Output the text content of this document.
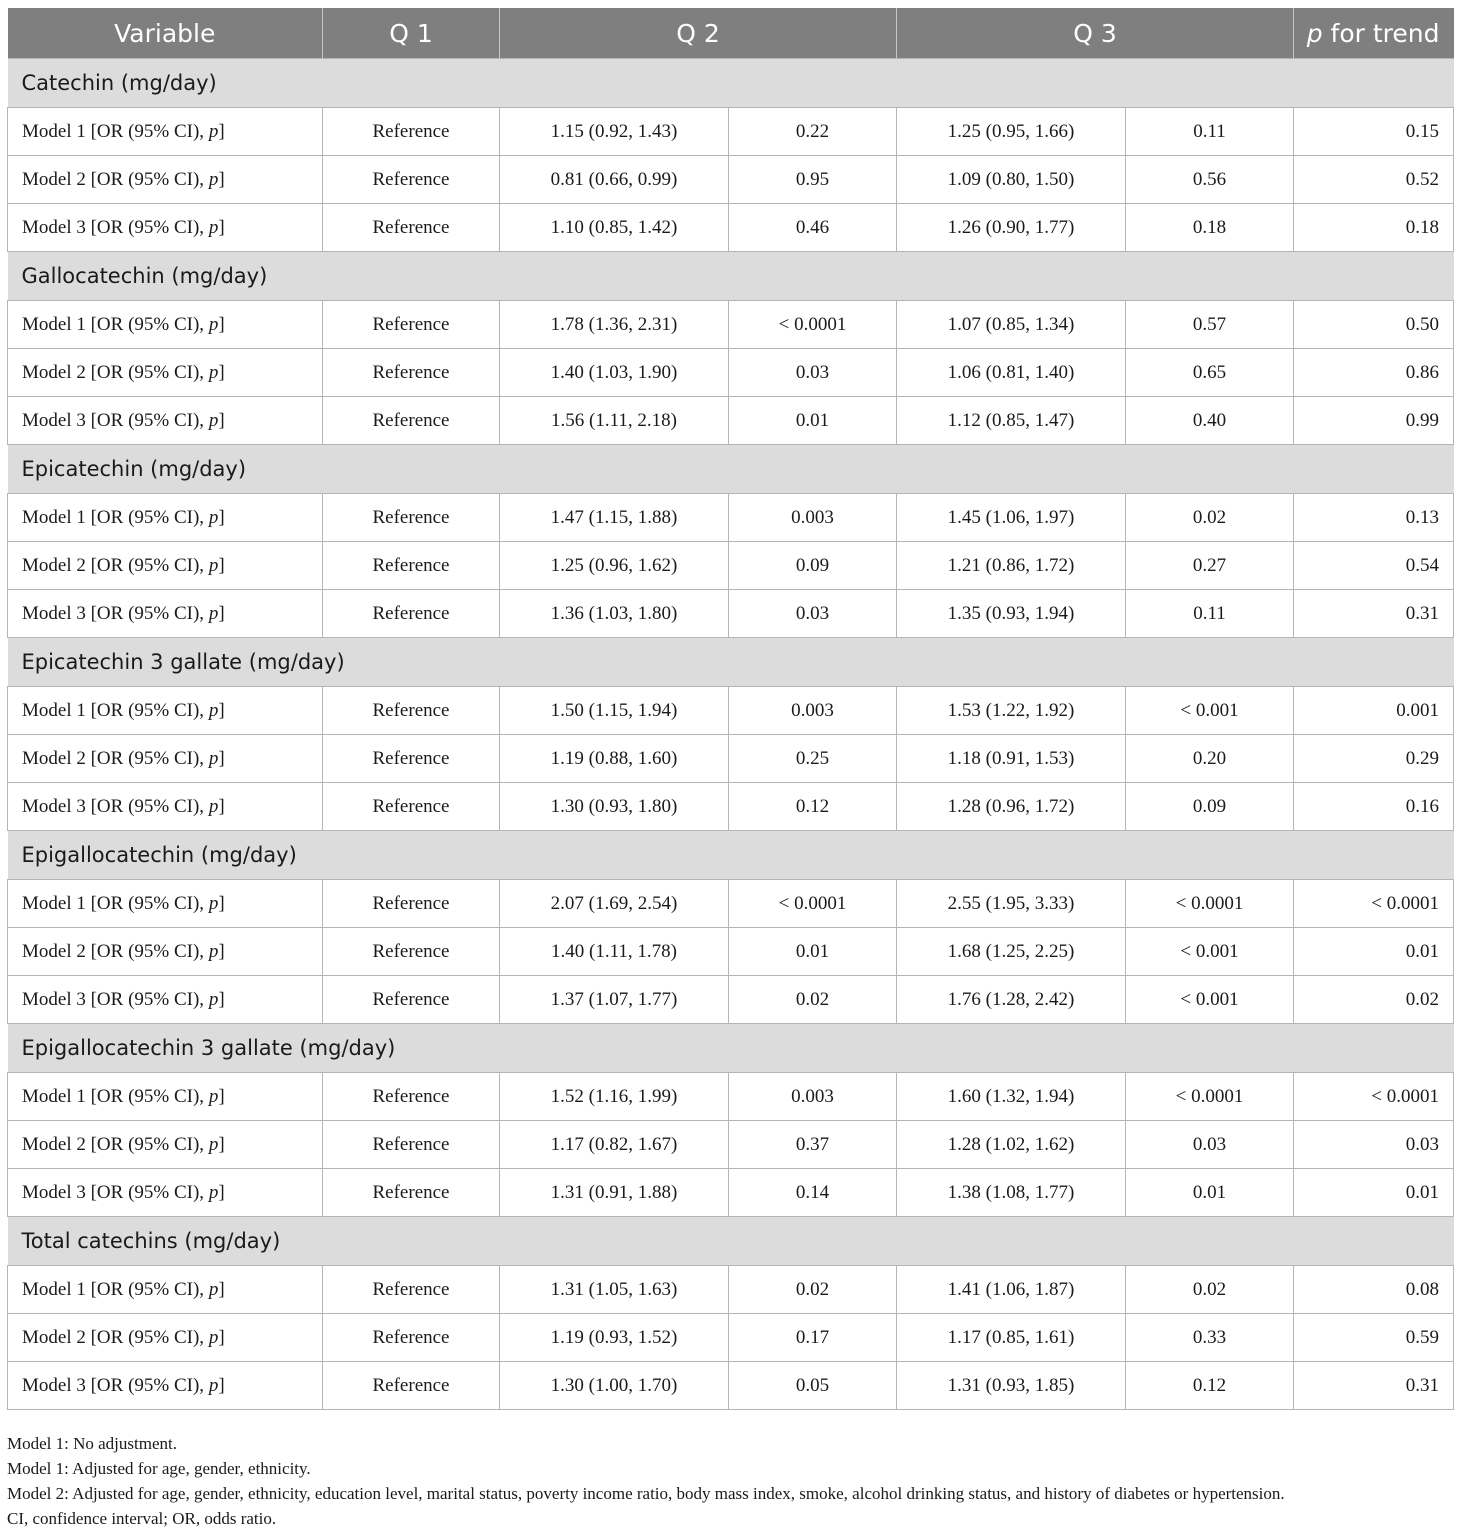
Variable	Q 1	Q 2		Q 3		p for trend
Catechin (mg/day)						
Model 1 [OR (95% CI), p]	Reference	1.15 (0.92, 1.43)	0.22	1.25 (0.95, 1.66)	0.11	0.15
Model 2 [OR (95% CI), p]	Reference	0.81 (0.66, 0.99)	0.95	1.09 (0.80, 1.50)	0.56	0.52
Model 3 [OR (95% CI), p]	Reference	1.10 (0.85, 1.42)	0.46	1.26 (0.90, 1.77)	0.18	0.18
Gallocatechin (mg/day)						
Model 1 [OR (95% CI), p]	Reference	1.78 (1.36, 2.31)	< 0.0001	1.07 (0.85, 1.34)	0.57	0.50
Model 2 [OR (95% CI), p]	Reference	1.40 (1.03, 1.90)	0.03	1.06 (0.81, 1.40)	0.65	0.86
Model 3 [OR (95% CI), p]	Reference	1.56 (1.11, 2.18)	0.01	1.12 (0.85, 1.47)	0.40	0.99
Epicatechin (mg/day)						
Model 1 [OR (95% CI), p]	Reference	1.47 (1.15, 1.88)	0.003	1.45 (1.06, 1.97)	0.02	0.13
Model 2 [OR (95% CI), p]	Reference	1.25 (0.96, 1.62)	0.09	1.21 (0.86, 1.72)	0.27	0.54
Model 3 [OR (95% CI), p]	Reference	1.36 (1.03, 1.80)	0.03	1.35 (0.93, 1.94)	0.11	0.31
Epicatechin 3 gallate (mg/day)						
Model 1 [OR (95% CI), p]	Reference	1.50 (1.15, 1.94)	0.003	1.53 (1.22, 1.92)	< 0.001	0.001
Model 2 [OR (95% CI), p]	Reference	1.19 (0.88, 1.60)	0.25	1.18 (0.91, 1.53)	0.20	0.29
Model 3 [OR (95% CI), p]	Reference	1.30 (0.93, 1.80)	0.12	1.28 (0.96, 1.72)	0.09	0.16
Epigallocatechin (mg/day)						
Model 1 [OR (95% CI), p]	Reference	2.07 (1.69, 2.54)	< 0.0001	2.55 (1.95, 3.33)	< 0.0001	< 0.0001
Model 2 [OR (95% CI), p]	Reference	1.40 (1.11, 1.78)	0.01	1.68 (1.25, 2.25)	< 0.001	0.01
Model 3 [OR (95% CI), p]	Reference	1.37 (1.07, 1.77)	0.02	1.76 (1.28, 2.42)	< 0.001	0.02
Epigallocatechin 3 gallate (mg/day)						
Model 1 [OR (95% CI), p]	Reference	1.52 (1.16, 1.99)	0.003	1.60 (1.32, 1.94)	< 0.0001	< 0.0001
Model 2 [OR (95% CI), p]	Reference	1.17 (0.82, 1.67)	0.37	1.28 (1.02, 1.62)	0.03	0.03
Model 3 [OR (95% CI), p]	Reference	1.31 (0.91, 1.88)	0.14	1.38 (1.08, 1.77)	0.01	0.01
Total catechins (mg/day)						
Model 1 [OR (95% CI), p]	Reference	1.31 (1.05, 1.63)	0.02	1.41 (1.06, 1.87)	0.02	0.08
Model 2 [OR (95% CI), p]	Reference	1.19 (0.93, 1.52)	0.17	1.17 (0.85, 1.61)	0.33	0.59
Model 3 [OR (95% CI), p]	Reference	1.30 (1.00, 1.70)	0.05	1.31 (0.93, 1.85)	0.12	0.31
Model 1: No adjustment.
Model 1: Adjusted for age, gender, ethnicity.
Model 2: Adjusted for age, gender, ethnicity, education level, marital status, poverty income ratio, body mass index, smoke, alcohol drinking status, and history of diabetes or hypertension.
CI, confidence interval; OR, odds ratio.
